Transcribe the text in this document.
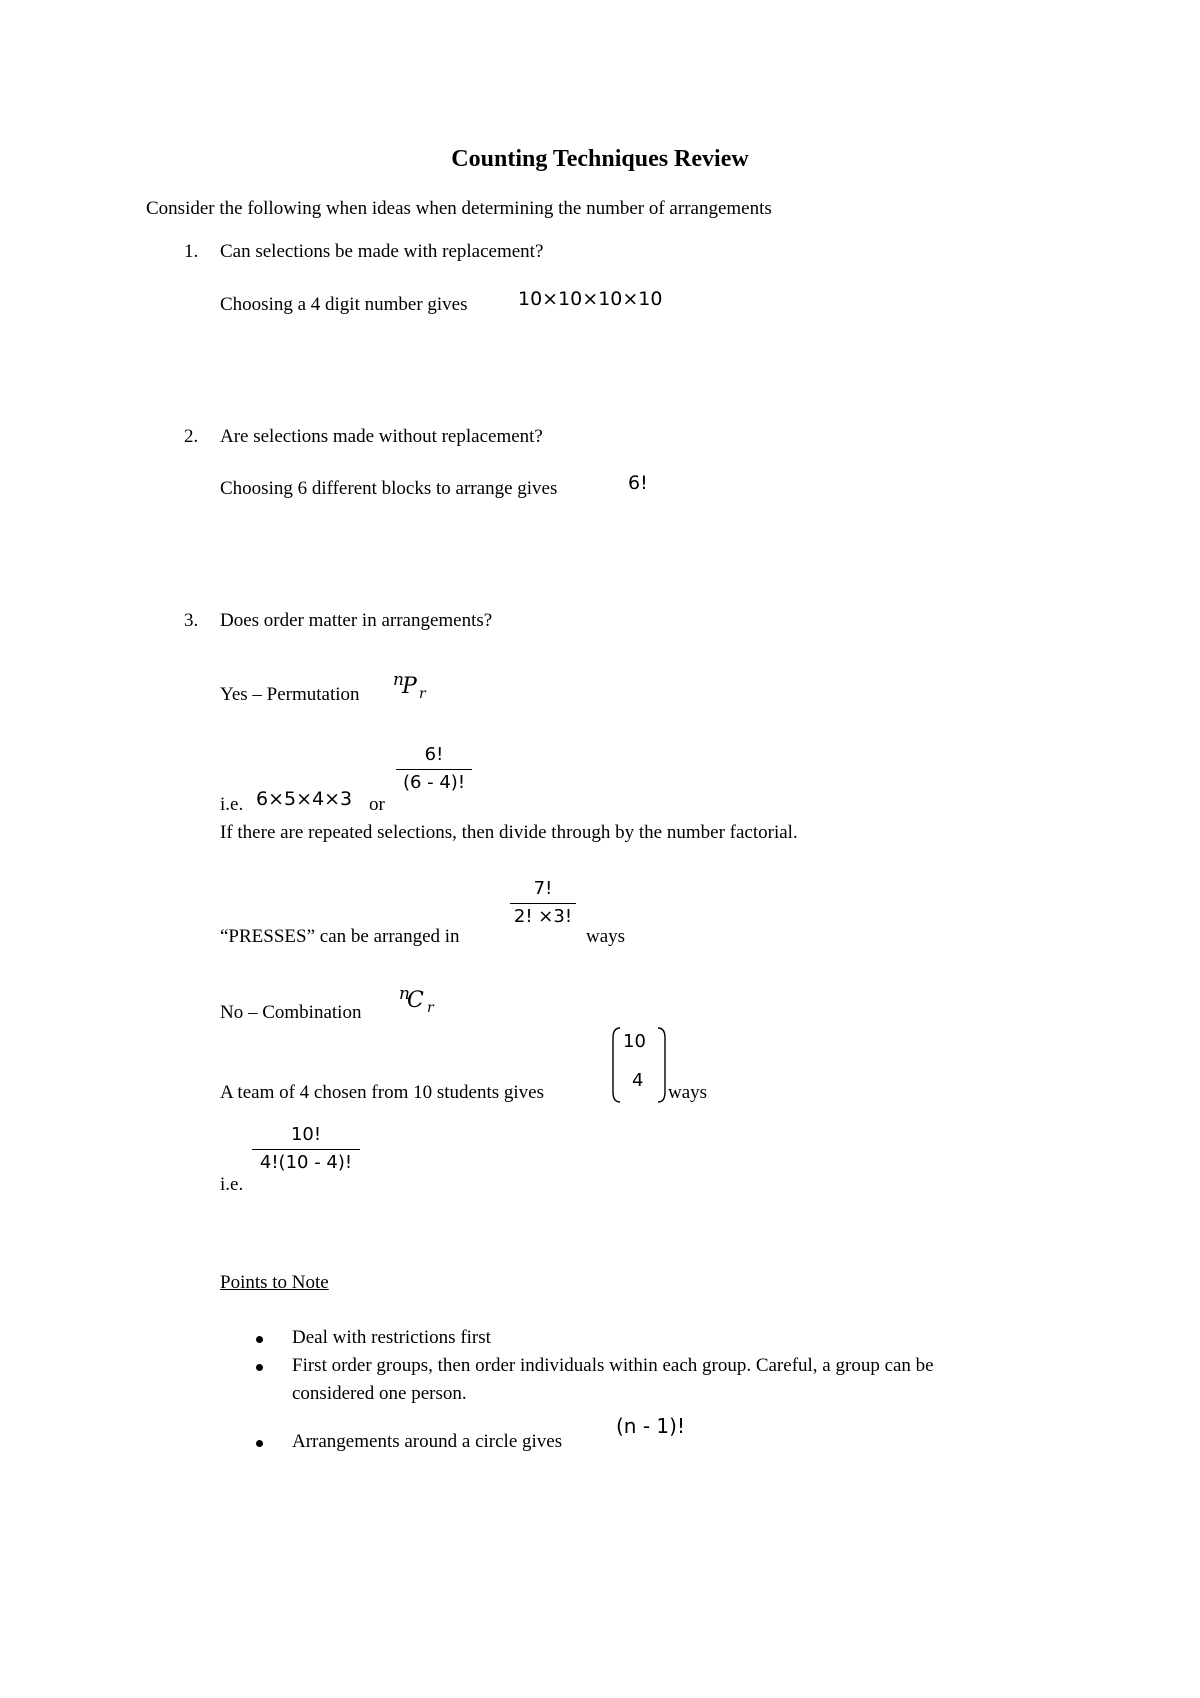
Counting Techniques Review
Consider the following when ideas when determining the number of arrangements
1. Can selections be made with replacement?
Choosing a 4 digit number gives	10×10×10×10
2. Are selections made without replacement?
Choosing 6 different blocks to arrange gives	6!
3. Does order matter in arrangements?
Yes – Permutation
n
P r
i.e. 6×5×4×3 or
6!
(6 - 4)!
If there are repeated selections, then divide through by the number factorial.
“PRESSES” can be arranged in
7!
2! ×3!
ways
No – Combination
n
C r
A team of 4 chosen from 10 students gives
10
4
ways
i.e.
10!
4!(10 - 4)!
Points to Note
Deal with restrictions first
First order groups, then order individuals within each group. Careful, a group can be
considered one person.
Arrangements around a circle gives
(n - 1)!
